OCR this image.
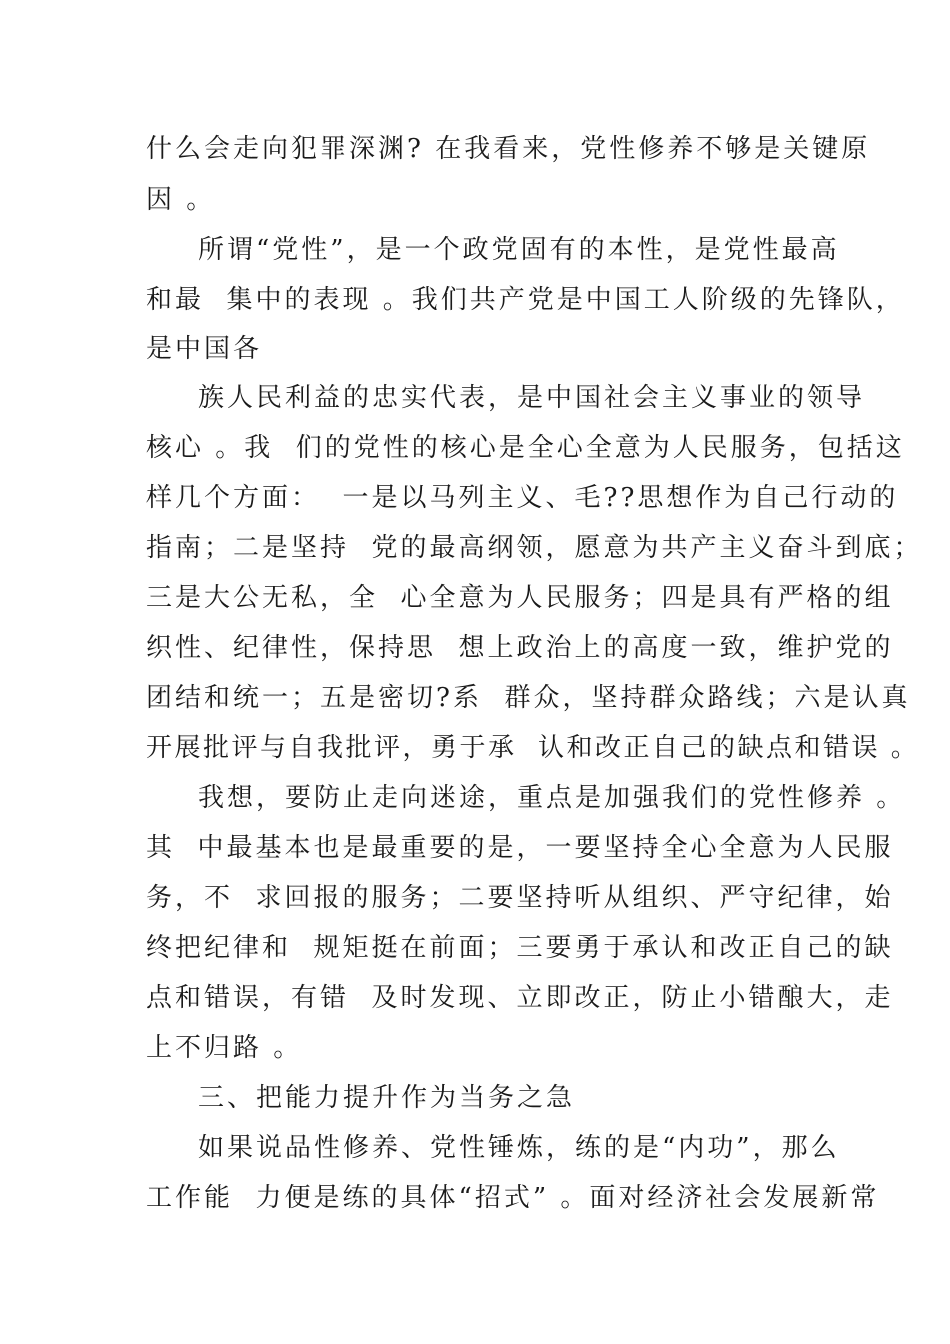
什么会走向犯罪深渊? 在我看来，党性修养不够是关键原
因 。
所谓“党性”，是一个政党固有的本性，是党性最高
和最  集中的表现 。我们共产党是中国工人阶级的先锋队，
是中国各
族人民利益的忠实代表，是中国社会主义事业的领导
核心 。我  们的党性的核心是全心全意为人民服务，包括这
样几个方面：  一是以马列主义、毛??思想作为自己行动的
指南；二是坚持  党的最高纲领，愿意为共产主义奋斗到底；
三是大公无私，全  心全意为人民服务；四是具有严格的组
织性、纪律性，保持思  想上政治上的高度一致，维护党的
团结和统一；五是密切?系  群众，坚持群众路线；六是认真
开展批评与自我批评，勇于承  认和改正自己的缺点和错误 。
我想，要防止走向迷途，重点是加强我们的党性修养 。
其  中最基本也是最重要的是，一要坚持全心全意为人民服
务，不  求回报的服务；二要坚持听从组织、严守纪律，始
终把纪律和  规矩挺在前面；三要勇于承认和改正自己的缺
点和错误，有错  及时发现、立即改正，防止小错酿大，走
上不归路 。
三、把能力提升作为当务之急
如果说品性修养、党性锤炼，练的是“内功”，那么
工作能  力便是练的具体“招式” 。面对经济社会发展新常
